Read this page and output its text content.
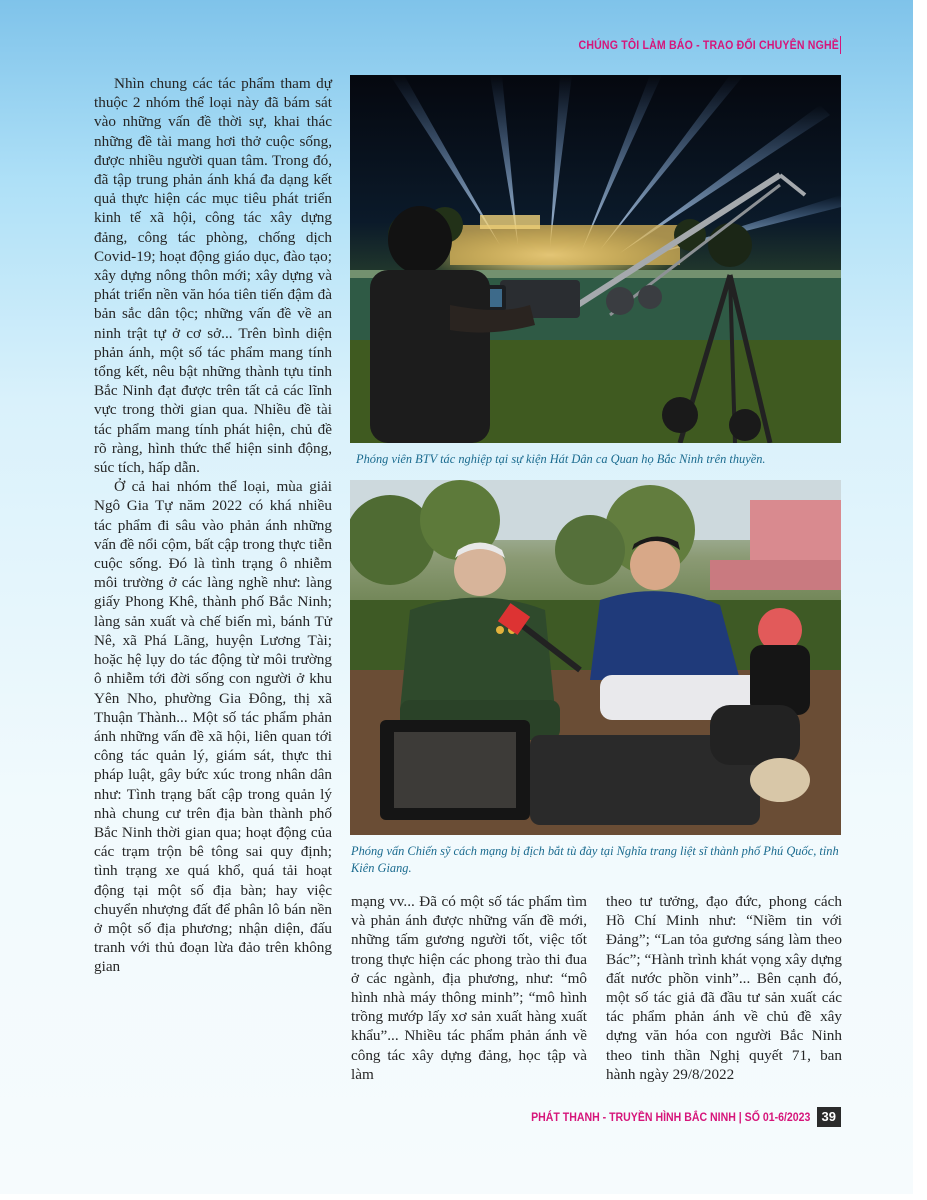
CHÚNG TÔI LÀM BÁO - TRAO ĐỔI CHUYÊN NGHỀ

Nhìn chung các tác phẩm tham dự thuộc 2 nhóm thể loại này đã bám sát vào những vấn đề thời sự, khai thác những đề tài mang hơi thở cuộc sống, được nhiều người quan tâm. Trong đó, đã tập trung phản ánh khá đa dạng kết quả thực hiện các mục tiêu phát triển kinh tế xã hội, công tác xây dựng đảng, công tác phòng, chống dịch Covid-19; hoạt động giáo dục, đào tạo; xây dựng nông thôn mới; xây dựng và phát triển nền văn hóa tiên tiến đậm đà bản sắc dân tộc; những vấn đề về an ninh trật tự ở cơ sở... Trên bình diện phản ánh, một số tác phẩm mang tính tổng kết, nêu bật những thành tựu tỉnh Bắc Ninh đạt được trên tất cả các lĩnh vực trong thời gian qua. Nhiều đề tài tác phẩm mang tính phát hiện, chủ đề rõ ràng, hình thức thể hiện sinh động, súc tích, hấp dẫn.

Ở cả hai nhóm thể loại, mùa giải Ngô Gia Tự năm 2022 có khá nhiều tác phẩm đi sâu vào phản ánh những vấn đề nổi cộm, bất cập trong thực tiễn cuộc sống. Đó là tình trạng ô nhiễm môi trường ở các làng nghề như: làng giấy Phong Khê, thành phố Bắc Ninh; làng sản xuất và chế biến mì, bánh Tử Nê, xã Phá Lãng, huyện Lương Tài; hoặc hệ lụy do tác động từ môi trường ô nhiễm tới đời sống con người ở khu Yên Nho, phường Gia Đông, thị xã Thuận Thành... Một số tác phẩm phản ánh những vấn đề xã hội, liên quan tới công tác quản lý, giám sát, thực thi pháp luật, gây bức xúc trong nhân dân như: Tình trạng bất cập trong quản lý nhà chung cư trên địa bàn thành phố Bắc Ninh thời gian qua; hoạt động của các trạm trộn bê tông sai quy định; tình trạng xe quá khổ, quá tải hoạt động tại một số địa bàn; hay việc chuyển nhượng đất để phân lô bán nền ở một số địa phương; nhận diện, đấu tranh với thủ đoạn lừa đảo trên không gian

Phóng viên BTV tác nghiệp tại sự kiện Hát Dân ca Quan họ Bắc Ninh trên thuyền.
Phóng vấn Chiến sỹ cách mạng bị địch bắt tù đày tại Nghĩa trang liệt sĩ thành phố Phú Quốc, tỉnh Kiên Giang.

mạng vv... Đã có một số tác phẩm tìm và phản ánh được những vấn đề mới, những tấm gương người tốt, việc tốt trong thực hiện các phong trào thi đua ở các ngành, địa phương, như: “mô hình nhà máy thông minh”; “mô hình trồng mướp lấy xơ sản xuất hàng xuất khẩu”... Nhiều tác phẩm phản ánh về công tác xây dựng đảng, học tập và làm

theo tư tưởng, đạo đức, phong cách Hồ Chí Minh như: “Niềm tin với Đảng”; “Lan tỏa gương sáng làm theo Bác”; “Hành trình khát vọng xây dựng đất nước phồn vinh”... Bên cạnh đó, một số tác giả đã đầu tư sản xuất các tác phẩm phản ánh về chủ đề xây dựng văn hóa con người Bắc Ninh theo tinh thần Nghị quyết 71, ban hành ngày 29/8/2022

PHÁT THANH - TRUYỀN HÌNH BẮC NINH | SỐ 01-6/2023 39
